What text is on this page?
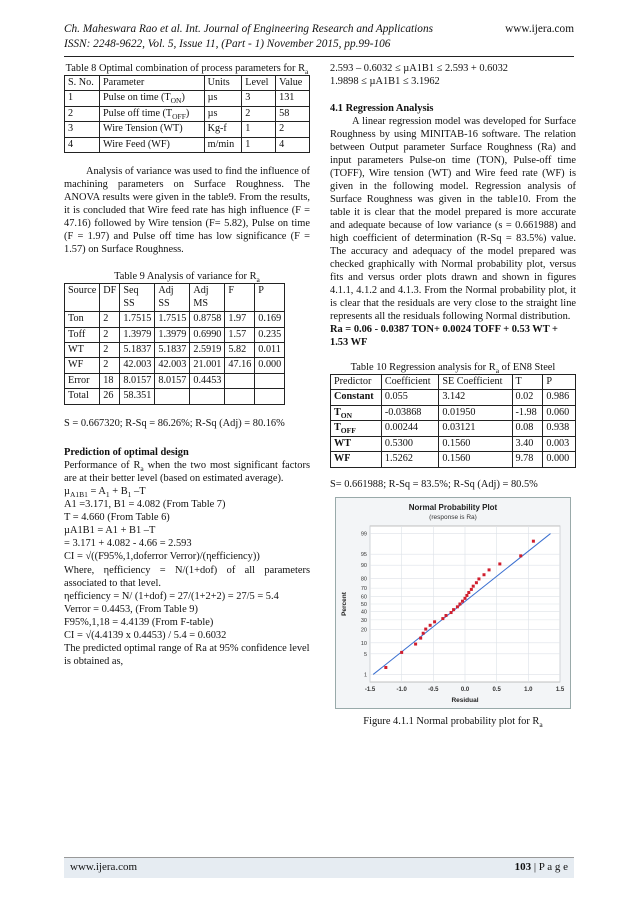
Ch. Maheswara Rao et al. Int. Journal of Engineering Research and Applications	www.ijera.com
ISSN: 2248-9622, Vol. 5, Issue 11, (Part - 1) November 2015, pp.99-106

Table 8 Optimal combination of process parameters for $R_a$

S. No.	Parameter	Units	Level	Value
1	Pulse on time $(T_{ON})$	µs	3	131
2	Pulse off time $(T_{OFF})$	µs	2	58
3	Wire Tension (WT)	Kg-f	1	2
4	Wire Feed (WF)	m/min	1	4

Analysis of variance was used to find the influence of machining parameters on Surface Roughness. The ANOVA results were given in the table9. From the results, it is concluded that Wire feed rate has high influence (F = 47.16) followed by Wire tension (F= 5.82), Pulse on time (F = 1.97) and Pulse off time has low significance (F = 1.57) on Surface Roughness.

Table 9 Analysis of variance for $R_a$

Source	DF	Seq SS	Adj SS	Adj MS	F	P
Ton	2	1.7515	1.7515	0.8758	1.97	0.169
Toff	2	1.3979	1.3979	0.6990	1.57	0.235
WT	2	5.1837	5.1837	2.5919	5.82	0.011
WF	2	42.003	42.003	21.001	47.16	0.000
Error	18	8.0157	8.0157	0.4453		
Total	26	58.351				

S = 0.667320; R-Sq = 86.26%; R-Sq (Adj) = 80.16%

Prediction of optimal design

Performance of $R_a$ when the two most significant factors are at their better level (based on estimated average).

$\mu_{A1B1} = A_1 + B_1$ –T

A1 =3.171, B1 = 4.082 (From Table 7)

T = 4.660 (From Table 6)

µA1B1 = A1 + B1 –T

= 3.171 + 4.082 - 4.66 = 2.593

CI = √((F95%,1,doferror Verror)/(ηefficiency))

Where, ηefficiency = N/(1+dof) of all parameters associated to that level.

ηefficiency = N/ (1+dof) = 27/(1+2+2) = 27/5 = 5.4

Verror = 0.4453, (From Table 9)

F95%,1,18 = 4.4139 (From F-table)

CI = √(4.4139 x 0.4453) / 5.4 = 0.6032

The predicted optimal range of Ra at 95% confidence level is obtained as,

2.593 – 0.6032 ≤ µA1B1 ≤ 2.593 + 0.6032

1.9898 ≤ µA1B1 ≤ 3.1962

4.1 Regression Analysis

A linear regression model was developed for Surface Roughness by using MINITAB-16 software. The relation between Output parameter Surface Roughness (Ra) and input parameters Pulse-on time (TON), Pulse-off time (TOFF), Wire tension (WT) and Wire feed rate (WF) is given in the following model. Regression analysis of Surface Roughness was given in the table10. From the table it is clear that the model prepared is more accurate and adequate because of low variance (s = 0.661988) and high coefficient of determination (R-Sq = 83.5%) value. The accuracy and adequacy of the model prepared was checked graphically with Normal probability plot, versus fits and versus order plots drawn and shown in figures 4.1.1, 4.1.2 and 4.1.3. From the Normal probability plot, it is clear that the residuals are very close to the straight line represents all the residuals following Normal distribution.

Ra = 0.06 - 0.0387 TON+ 0.0024 TOFF + 0.53 WT + 1.53 WF

Table 10 Regression analysis for $R_a$ of EN8 Steel

Predictor	Coefficient	SE Coefficient	T	P
Constant	0.055	3.142	0.02	0.986
$T_{ON}$	-0.03868	0.01950	-1.98	0.060
$T_{OFF}$	0.00244	0.03121	0.08	0.938
WT	0.5300	0.1560	3.40	0.003
WF	1.5262	0.1560	9.78	0.000

S= 0.661988; R-Sq = 83.5%; R-Sq (Adj) = 80.5%

Normal Probability Plot
(response is Ra)
1
5
10
20
30
40
50
60
70
80
90
95
99
-1.5	-1.0	-0.5	0.0	0.5	1.0	1.5
Residual
Percent

Figure 4.1.1 Normal probability plot for $R_a$

www.ijera.com	103 | P a g e
